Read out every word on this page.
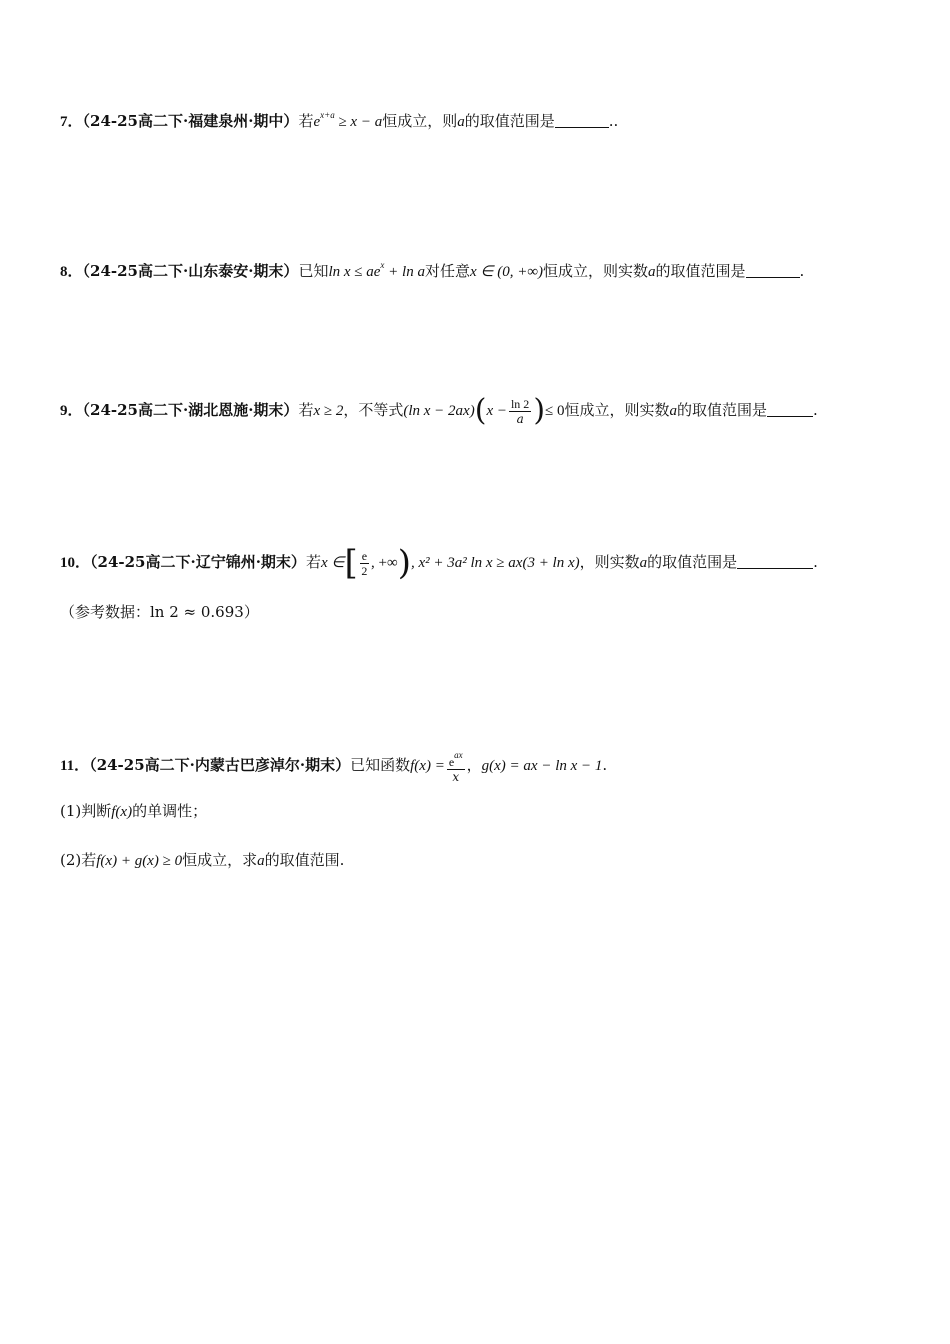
7．（24-25高二下·福建泉州·期中）若$e^{x+a} \ge x - a$恒成立，则a的取值范围是	..
8．（24-25高二下·山东泰安·期末）已知$\ln x \le ae^x + \ln a$对任意x ∈ (0, +∞)恒成立，则实数a的取值范围是	.
9．（24-25高二下·湖北恩施·期末）若x ≥ 2，不等式(ln $x - 2ax)(x - \frac{\ln 2}{a}$ )≤ 0恒成立，则实数a的取值范围是	.
10．（24-25高二下·辽宁锦州·期末）若x ∈[ $\frac{e}{2}$ , +∞), x² + 3a² ln x ≥ ax(3 + ln x)，则实数a的取值范围是	.
（参考数据：ln 2 ≈ 0.693）
11．（24-25高二下·内蒙古巴彦淖尔·期末）已知函数$f(x) = \frac{e^{ax}}{x}$ ，g(x) = ax − ln x − 1.
(1)判断f(x)的单调性；
(2)若f(x) + g(x) ≥ 0恒成立，求a的取值范围.
